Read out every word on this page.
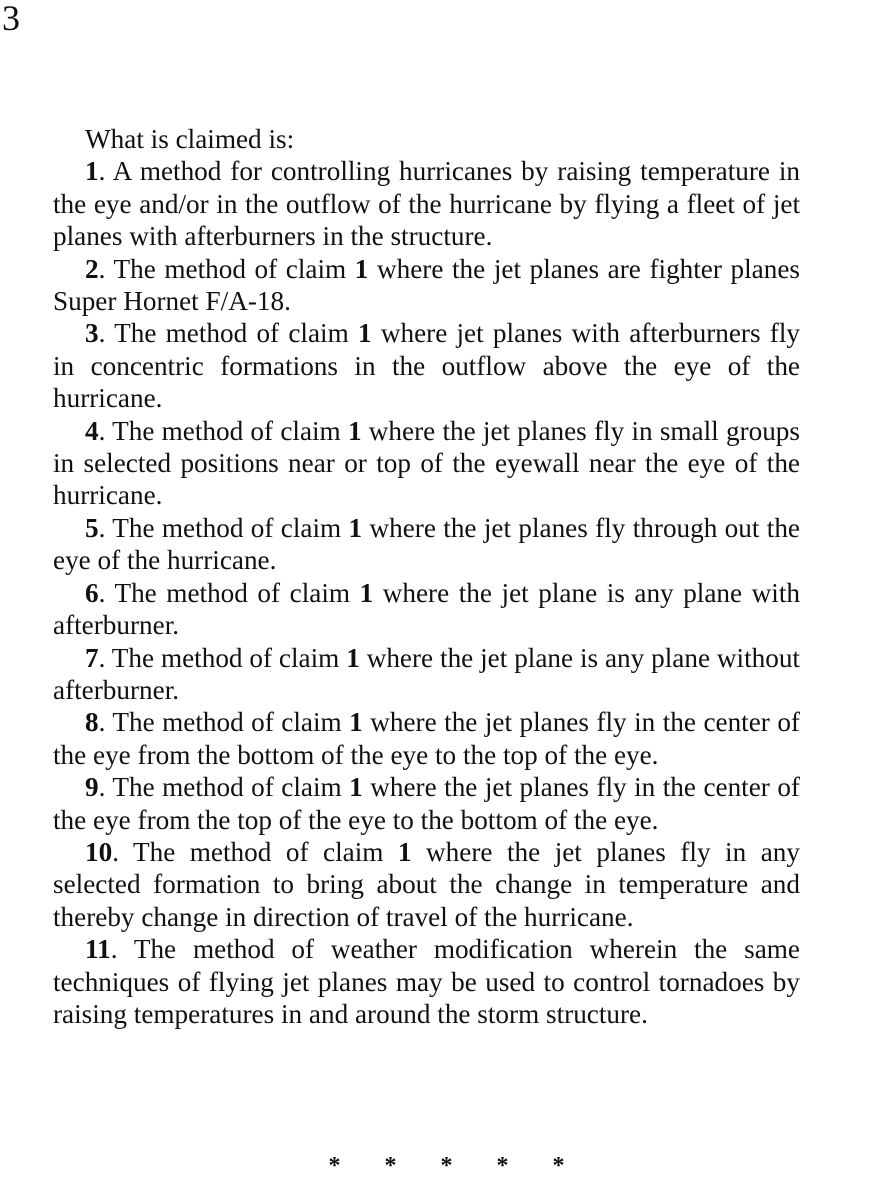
3

What is claimed is:

1. A method for controlling hurricanes by raising temperature in the eye and/or in the outflow of the hurricane by flying a fleet of jet planes with afterburners in the structure.

2. The method of claim 1 where the jet planes are fighter planes Super Hornet F/A-18.

3. The method of claim 1 where jet planes with afterburners fly in concentric formations in the outflow above the eye of the hurricane.

4. The method of claim 1 where the jet planes fly in small groups in selected positions near or top of the eyewall near the eye of the hurricane.

5. The method of claim 1 where the jet planes fly through out the eye of the hurricane.

6. The method of claim 1 where the jet plane is any plane with afterburner.

7. The method of claim 1 where the jet plane is any plane without afterburner.

8. The method of claim 1 where the jet planes fly in the center of the eye from the bottom of the eye to the top of the eye.

9. The method of claim 1 where the jet planes fly in the center of the eye from the top of the eye to the bottom of the eye.

10. The method of claim 1 where the jet planes fly in any selected formation to bring about the change in temperature and thereby change in direction of travel of the hurricane.

11. The method of weather modification wherein the same techniques of flying jet planes may be used to control tornadoes by raising temperatures in and around the storm structure.

* * * * *
